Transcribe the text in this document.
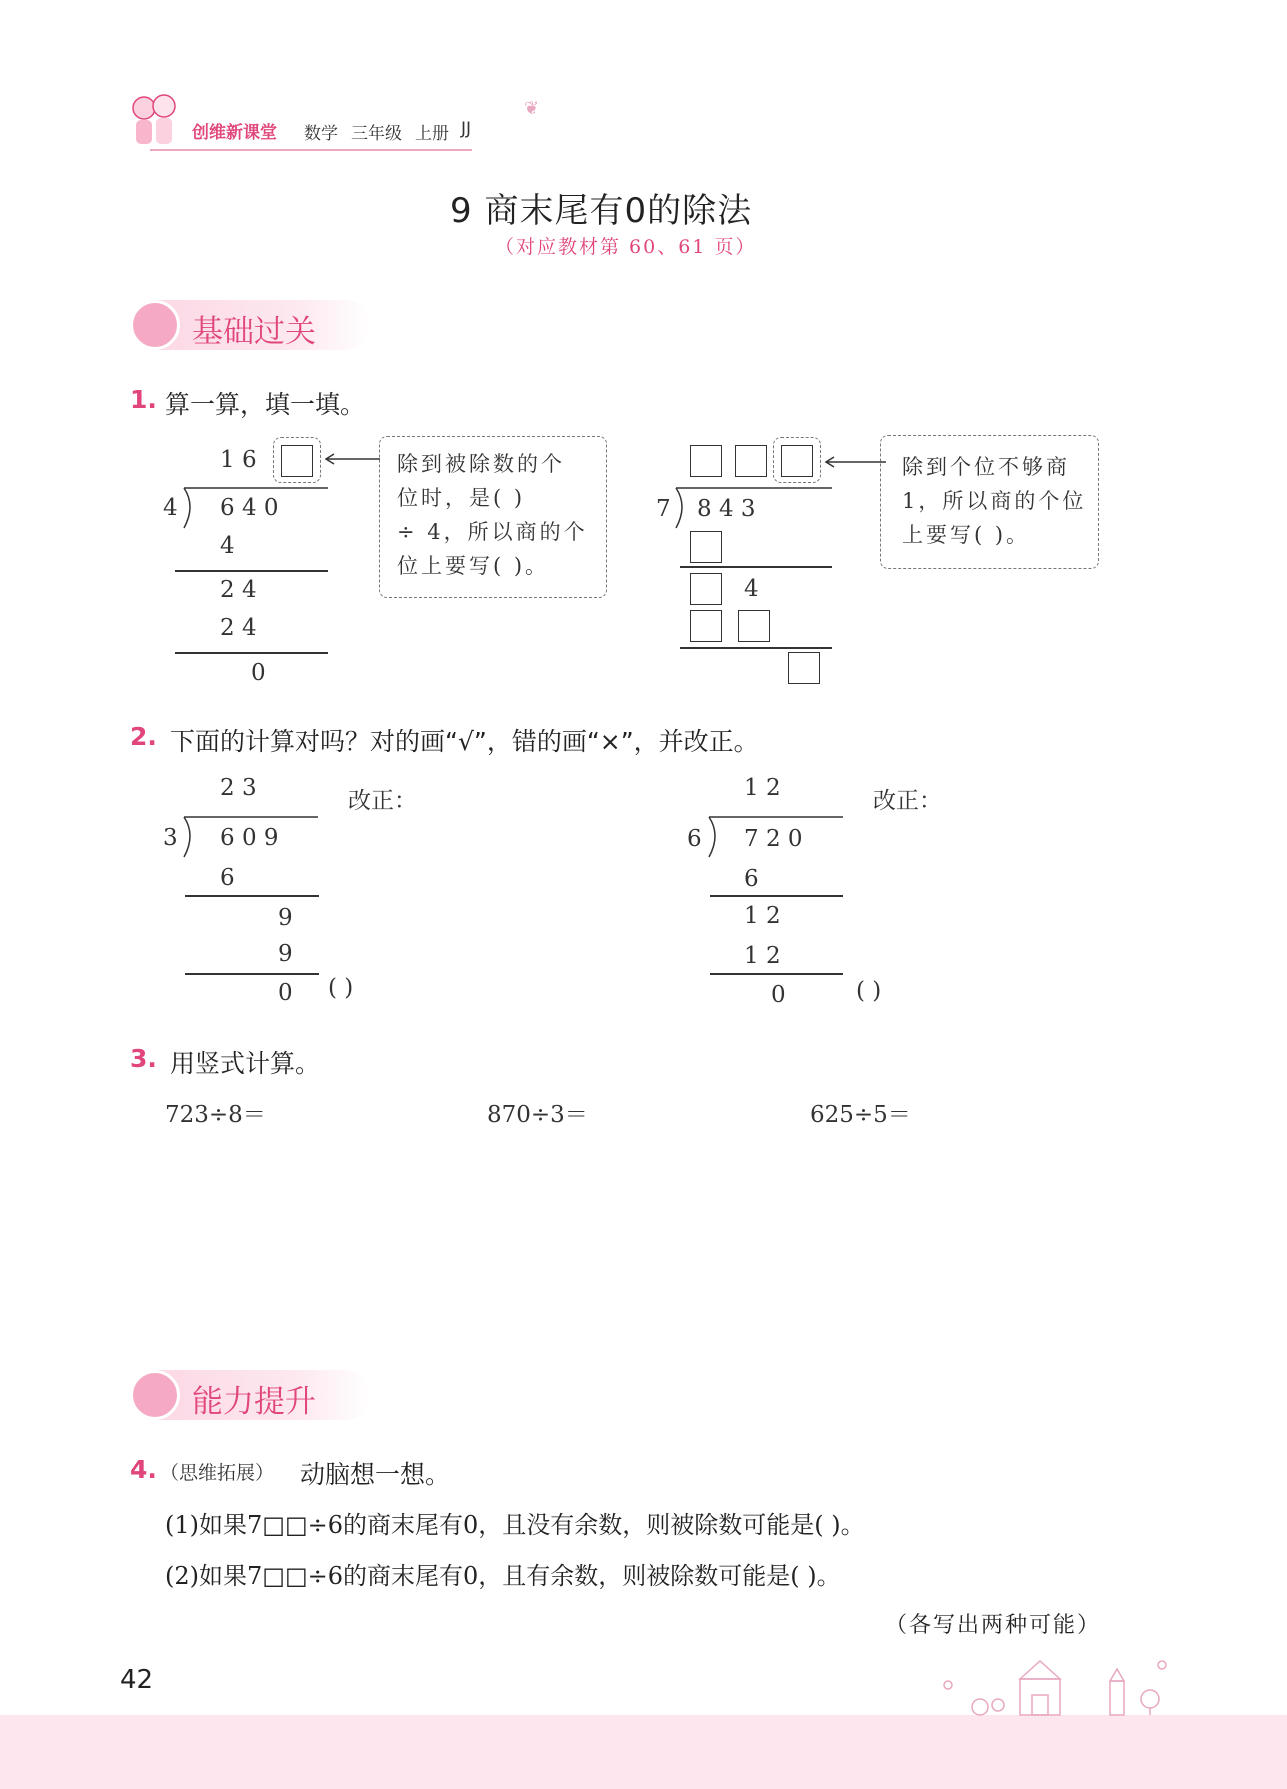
创维新课堂 数学 三年级 上册 JJ
❦
9 商末尾有0的除法
（对应教材第 60、61 页）
基础过关
1. 算一算，填一填。
1 6
4 6 4 0
4
2 4
2 4
0
除到被除数的个
位时，是( )
÷ 4，所以商的个
位上要写( )。
7 8 4 3
4
除到个位不够商
1，所以商的个位
上要写( )。
2. 下面的计算对吗？对的画“√”，错的画“×”，并改正。
2 3	改正：
3 6 0 9
6
9
9
0 ( )
1 2	改正：
6 7 2 0
6
1 2
1 2
0	( )
3. 用竖式计算。
723÷8＝	870÷3＝	625÷5＝
能力提升
4. （思维拓展） 动脑想一想。
(1)如果7□□÷6的商末尾有0，且没有余数，则被除数可能是( )。
(2)如果7□□÷6的商末尾有0，且有余数，则被除数可能是( )。
（各写出两种可能）
42
